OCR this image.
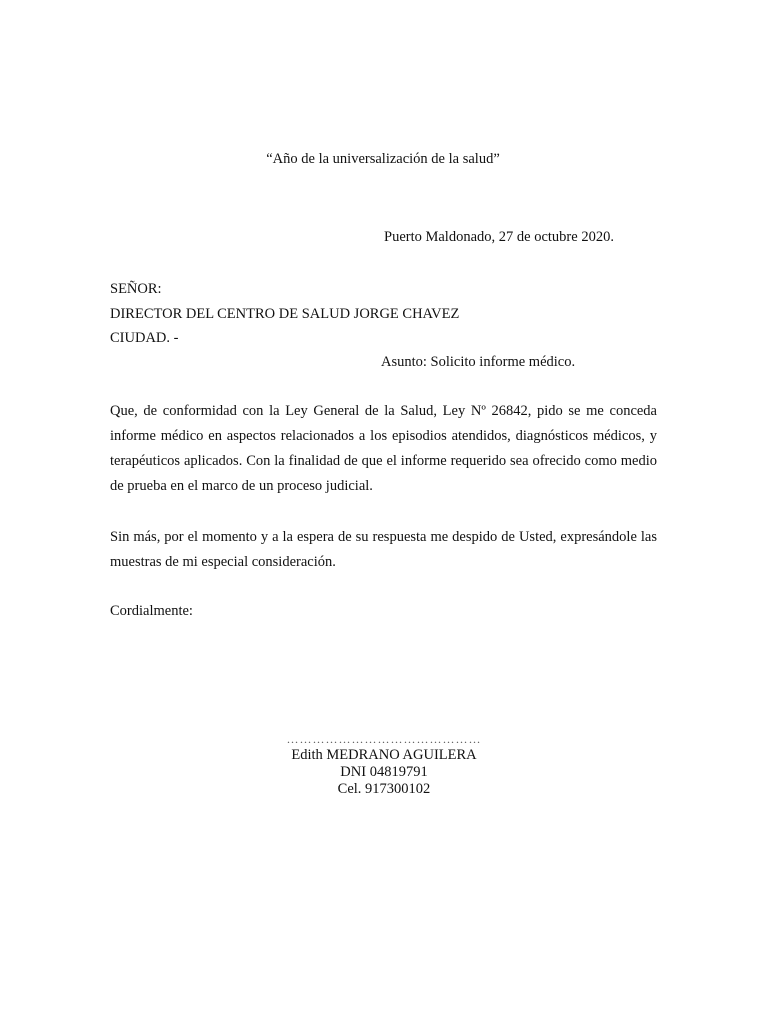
“Año de la universalización de la salud”
Puerto Maldonado, 27 de octubre 2020.
SEÑOR:
DIRECTOR DEL CENTRO DE SALUD JORGE CHAVEZ
CIUDAD. -
Asunto: Solicito informe médico.

Que, de conformidad con la Ley General de la Salud, Ley Nº 26842, pido se me conceda informe médico en aspectos relacionados a los episodios atendidos, diagnósticos médicos, y terapéuticos aplicados. Con la finalidad de que el informe requerido sea ofrecido como medio de prueba en el marco de un proceso judicial.

Sin más, por el momento y a la espera de su respuesta me despido de Usted, expresándole las muestras de mi especial consideración.

Cordialmente:
………………………………………
Edith MEDRANO AGUILERA
DNI 04819791
Cel. 917300102
